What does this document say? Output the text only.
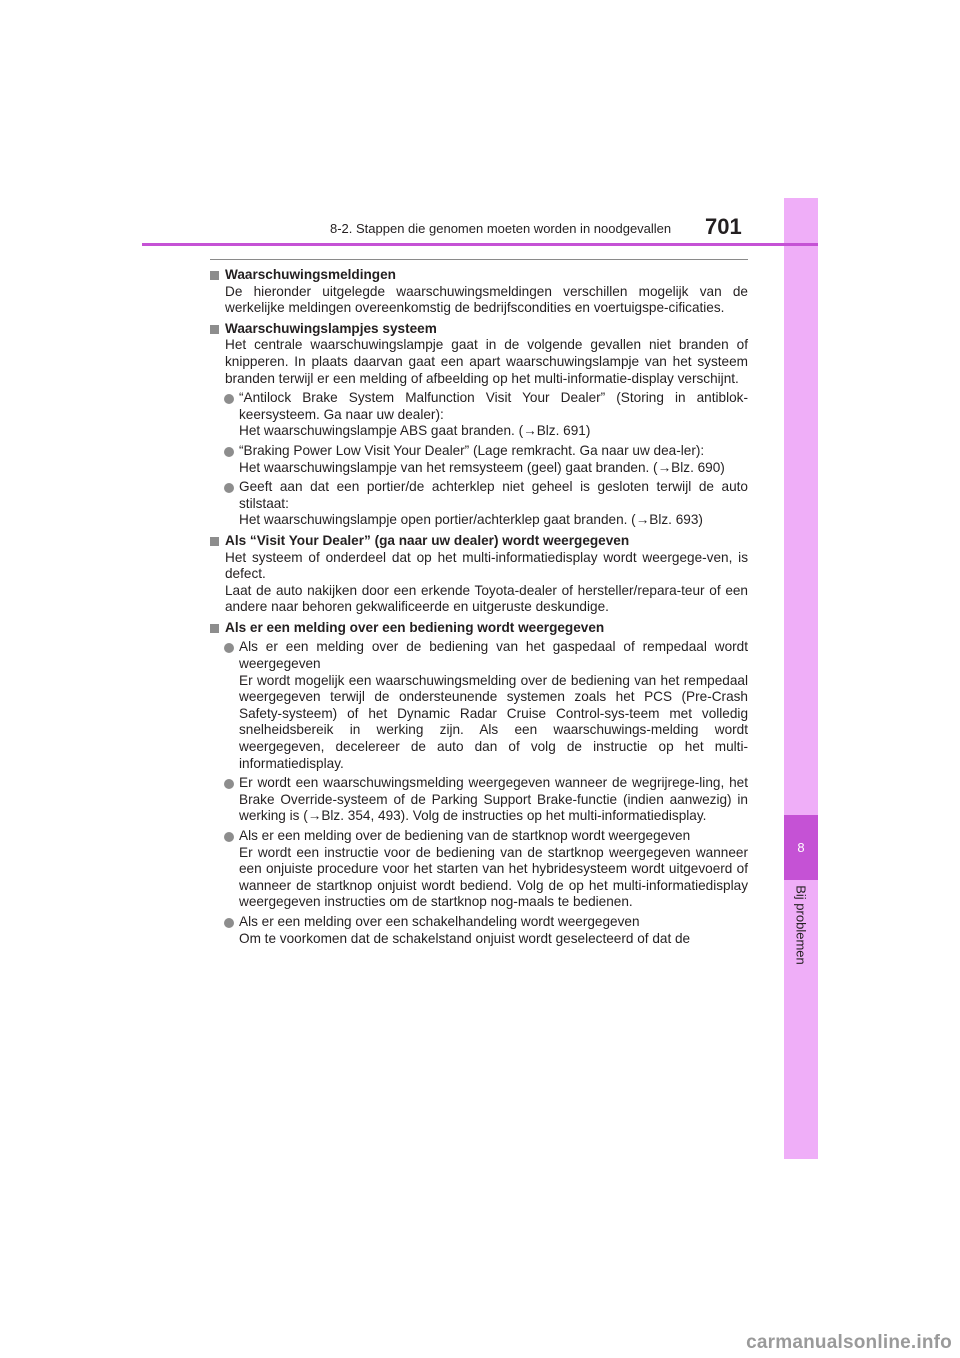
8
Bij problemen
8-2. Stappen die genomen moeten worden in noodgevallen 701
Waarschuwingsmeldingen
De hieronder uitgelegde waarschuwingsmeldingen verschillen mogelijk van de werkelijke meldingen overeenkomstig de bedrijfscondities en voertuigspe-cificaties.
Waarschuwingslampjes systeem
Het centrale waarschuwingslampje gaat in de volgende gevallen niet branden of knipperen. In plaats daarvan gaat een apart waarschuwingslampje van het systeem branden terwijl er een melding of afbeelding op het multi-informatie-display verschijnt.
“Antilock Brake System Malfunction Visit Your Dealer” (Storing in antiblok-keersysteem. Ga naar uw dealer):
Het waarschuwingslampje ABS gaat branden. (→Blz. 691)
“Braking Power Low Visit Your Dealer” (Lage remkracht. Ga naar uw dea-ler):
Het waarschuwingslampje van het remsysteem (geel) gaat branden. (→Blz. 690)
Geeft aan dat een portier/de achterklep niet geheel is gesloten terwijl de auto stilstaat:
Het waarschuwingslampje open portier/achterklep gaat branden. (→Blz. 693)
Als “Visit Your Dealer” (ga naar uw dealer) wordt weergegeven
Het systeem of onderdeel dat op het multi-informatiedisplay wordt weergege-ven, is defect.
Laat de auto nakijken door een erkende Toyota-dealer of hersteller/repara-teur of een andere naar behoren gekwalificeerde en uitgeruste deskundige.
Als er een melding over een bediening wordt weergegeven
Als er een melding over de bediening van het gaspedaal of rempedaal wordt weergegeven
Er wordt mogelijk een waarschuwingsmelding over de bediening van het rempedaal weergegeven terwijl de ondersteunende systemen zoals het PCS (Pre-Crash Safety-systeem) of het Dynamic Radar Cruise Control-sys-teem met volledig snelheidsbereik in werking zijn. Als een waarschuwings-melding wordt weergegeven, decelereer de auto dan of volg de instructie op het multi-informatiedisplay.
Er wordt een waarschuwingsmelding weergegeven wanneer de wegrijrege-ling, het Brake Override-systeem of de Parking Support Brake-functie (indien aanwezig) in werking is (→Blz. 354, 493). Volg de instructies op het multi-informatiedisplay.
Als er een melding over de bediening van de startknop wordt weergegeven
Er wordt een instructie voor de bediening van de startknop weergegeven wanneer een onjuiste procedure voor het starten van het hybridesysteem wordt uitgevoerd of wanneer de startknop onjuist wordt bediend. Volg de op het multi-informatiedisplay weergegeven instructies om de startknop nog-maals te bedienen.
Als er een melding over een schakelhandeling wordt weergegeven
Om te voorkomen dat de schakelstand onjuist wordt geselecteerd of dat de
carmanualsonline.info
